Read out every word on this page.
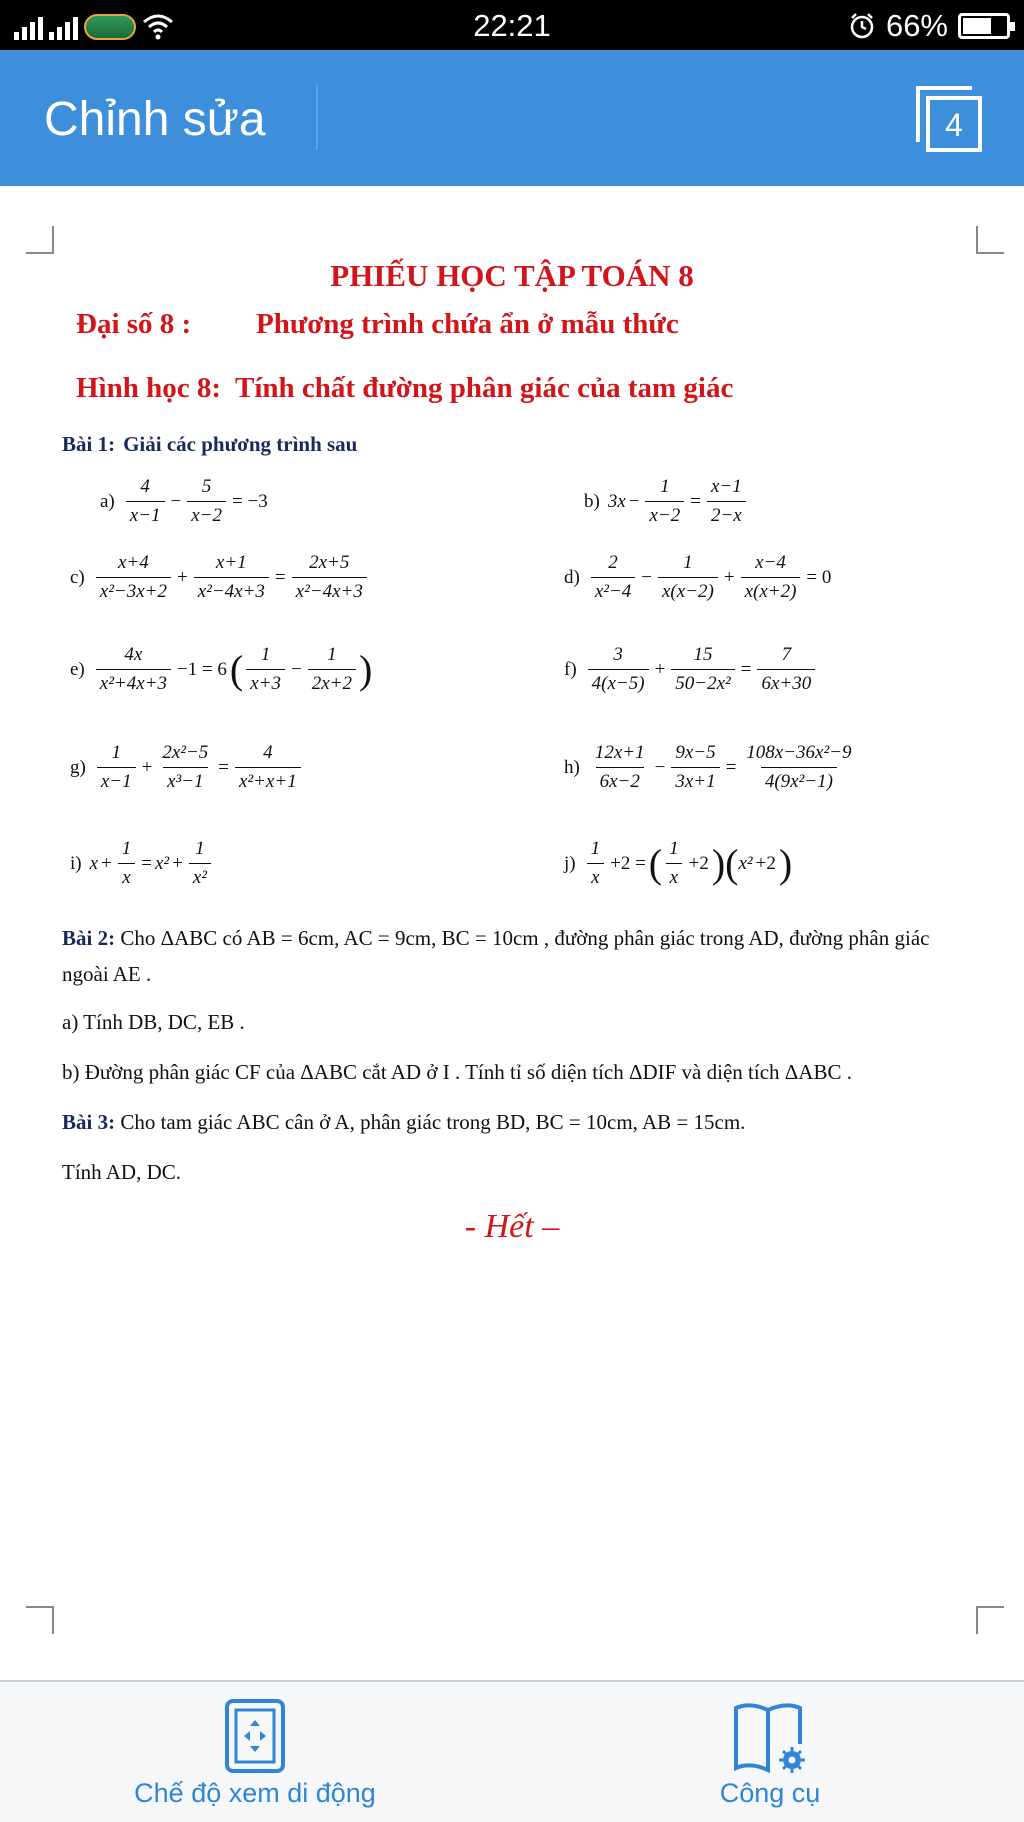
22:21	66%
Chỉnh sửa	4
PHIẾU HỌC TẬP TOÁN 8
Đại số 8 : Phương trình chứa ẩn ở mẫu thức
Hình học 8: Tính chất đường phân giác của tam giác
Bài 1: Giải các phương trình sau
$a) \frac{4}{x-1} - \frac{5}{x-2} = -3$	b) $3x - \frac{1}{x-2} = \frac{x-1}{2-x}$
$c) \frac{x+4}{\text{x²−3x+2}} + \frac{x+1}{\text{x²−4x+3}} = \frac{2x+5}{\text{x²−4x+3}}$	$d) \frac{2}{\text{x²−4}} - \frac{1}{x(x-2)} + \frac{x-4}{x(x+2)} = 0$
$e) \frac{4x}{\text{x²+4x+3}} -1 = 6$ ( $\frac{1}{x+3} - \frac{1}{2x+2}$ )	$f) \frac{3}{4(x-5)} + \frac{15}{\text{50−2x²}} = \frac{7}{6x+30}$
$g) \frac{1}{x-1} + \frac{\text{2x²−5}}{\text{x³−1}} = \frac{4}{\text{x²+x+1}}$	$h) \frac{12x+1}{6x-2} - \frac{9x-5}{3x+1} = \frac{\text{108x−36x²−9}}{\text{4(9x²−1)}}$
i) $x + \frac{1}{x} = x^2 + \frac{1}{\text{x²}}$	$j) \frac{1}{x} +2$ = ( $\frac{1}{x} +2$ ) ( x² +2 )
Bài 2: Cho ΔABC có AB = 6cm, AC = 9cm, BC = 10cm , đường phân giác trong AD, đường phân giác ngoài AE .
a) Tính DB, DC, EB .
b) Đường phân giác CF của ΔABC cắt AD ở I . Tính tỉ số diện tích ΔDIF và diện tích ΔABC .
Bài 3: Cho tam giác ABC cân ở A, phân giác trong BD, BC = 10cm, AB = 15cm.
Tính AD, DC.
- Hết –
Chế độ xem di động	Công cụ
